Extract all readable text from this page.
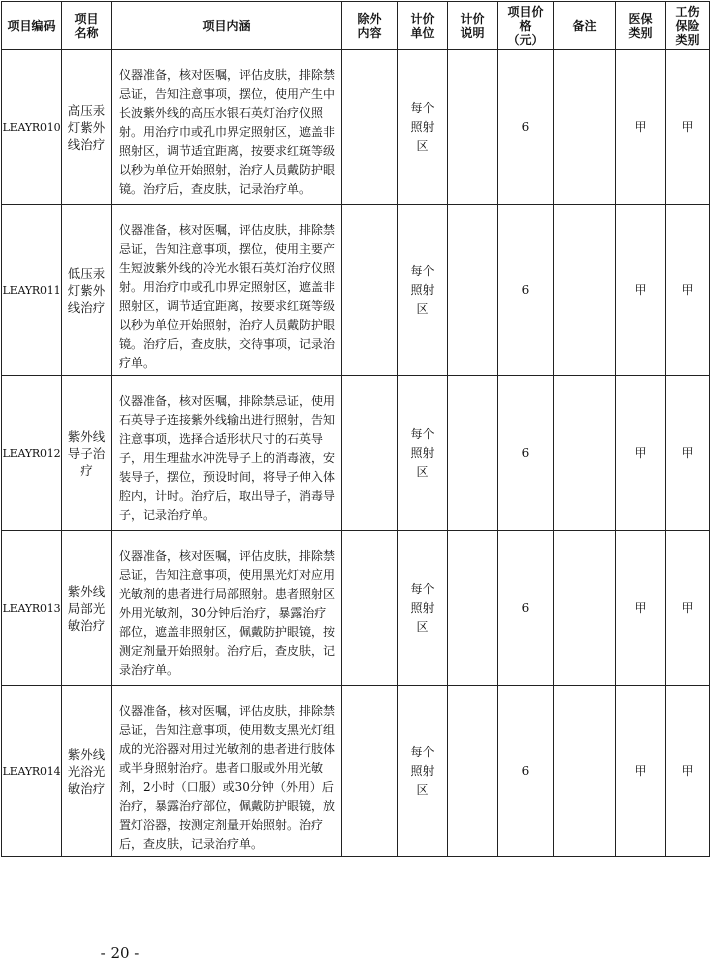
项目编码	项目名称	项目内涵	除外内容	计价单位	计价说明	项目价格（元）	备注	医保类别	工伤保险类别
LEAYR010	高压汞灯紫外线治疗	仪器准备，核对医嘱，评估皮肤，排除禁忌证，告知注意事项，摆位，使用产生中长波紫外线的高压水银石英灯治疗仪照射。用治疗巾或孔巾界定照射区，遮盖非照射区，调节适宜距离，按要求红斑等级以秒为单位开始照射，治疗人员戴防护眼镜。治疗后，查皮肤，记录治疗单。		每个照射区		6		甲	甲
LEAYR011	低压汞灯紫外线治疗	仪器准备，核对医嘱，评估皮肤，排除禁忌证，告知注意事项，摆位，使用主要产生短波紫外线的冷光水银石英灯治疗仪照射。用治疗巾或孔巾界定照射区，遮盖非照射区，调节适宜距离，按要求红斑等级以秒为单位开始照射，治疗人员戴防护眼镜。治疗后，查皮肤，交待事项，记录治疗单。		每个照射区		6		甲	甲
LEAYR012	紫外线导子治疗	仪器准备，核对医嘱，排除禁忌证，使用石英导子连接紫外线输出进行照射，告知注意事项，选择合适形状尺寸的石英导子，用生理盐水冲洗导子上的消毒液，安装导子，摆位，预设时间，将导子伸入体腔内，计时。治疗后，取出导子，消毒导子，记录治疗单。		每个照射区		6		甲	甲
LEAYR013	紫外线局部光敏治疗	仪器准备，核对医嘱，评估皮肤，排除禁忌证，告知注意事项，使用黑光灯对应用光敏剂的患者进行局部照射。患者照射区外用光敏剂，30分钟后治疗，暴露治疗部位，遮盖非照射区，佩戴防护眼镜，按测定剂量开始照射。治疗后，查皮肤，记录治疗单。		每个照射区		6		甲	甲
LEAYR014	紫外线光浴光敏治疗	仪器准备，核对医嘱，评估皮肤，排除禁忌证，告知注意事项，使用数支黑光灯组成的光浴器对用过光敏剂的患者进行肢体或半身照射治疗。患者口服或外用光敏剂，2小时（口服）或30分钟（外用）后治疗，暴露治疗部位，佩戴防护眼镜，放置灯浴器，按测定剂量开始照射。治疗后，查皮肤，记录治疗单。		每个照射区		6		甲	甲
- 20 -
